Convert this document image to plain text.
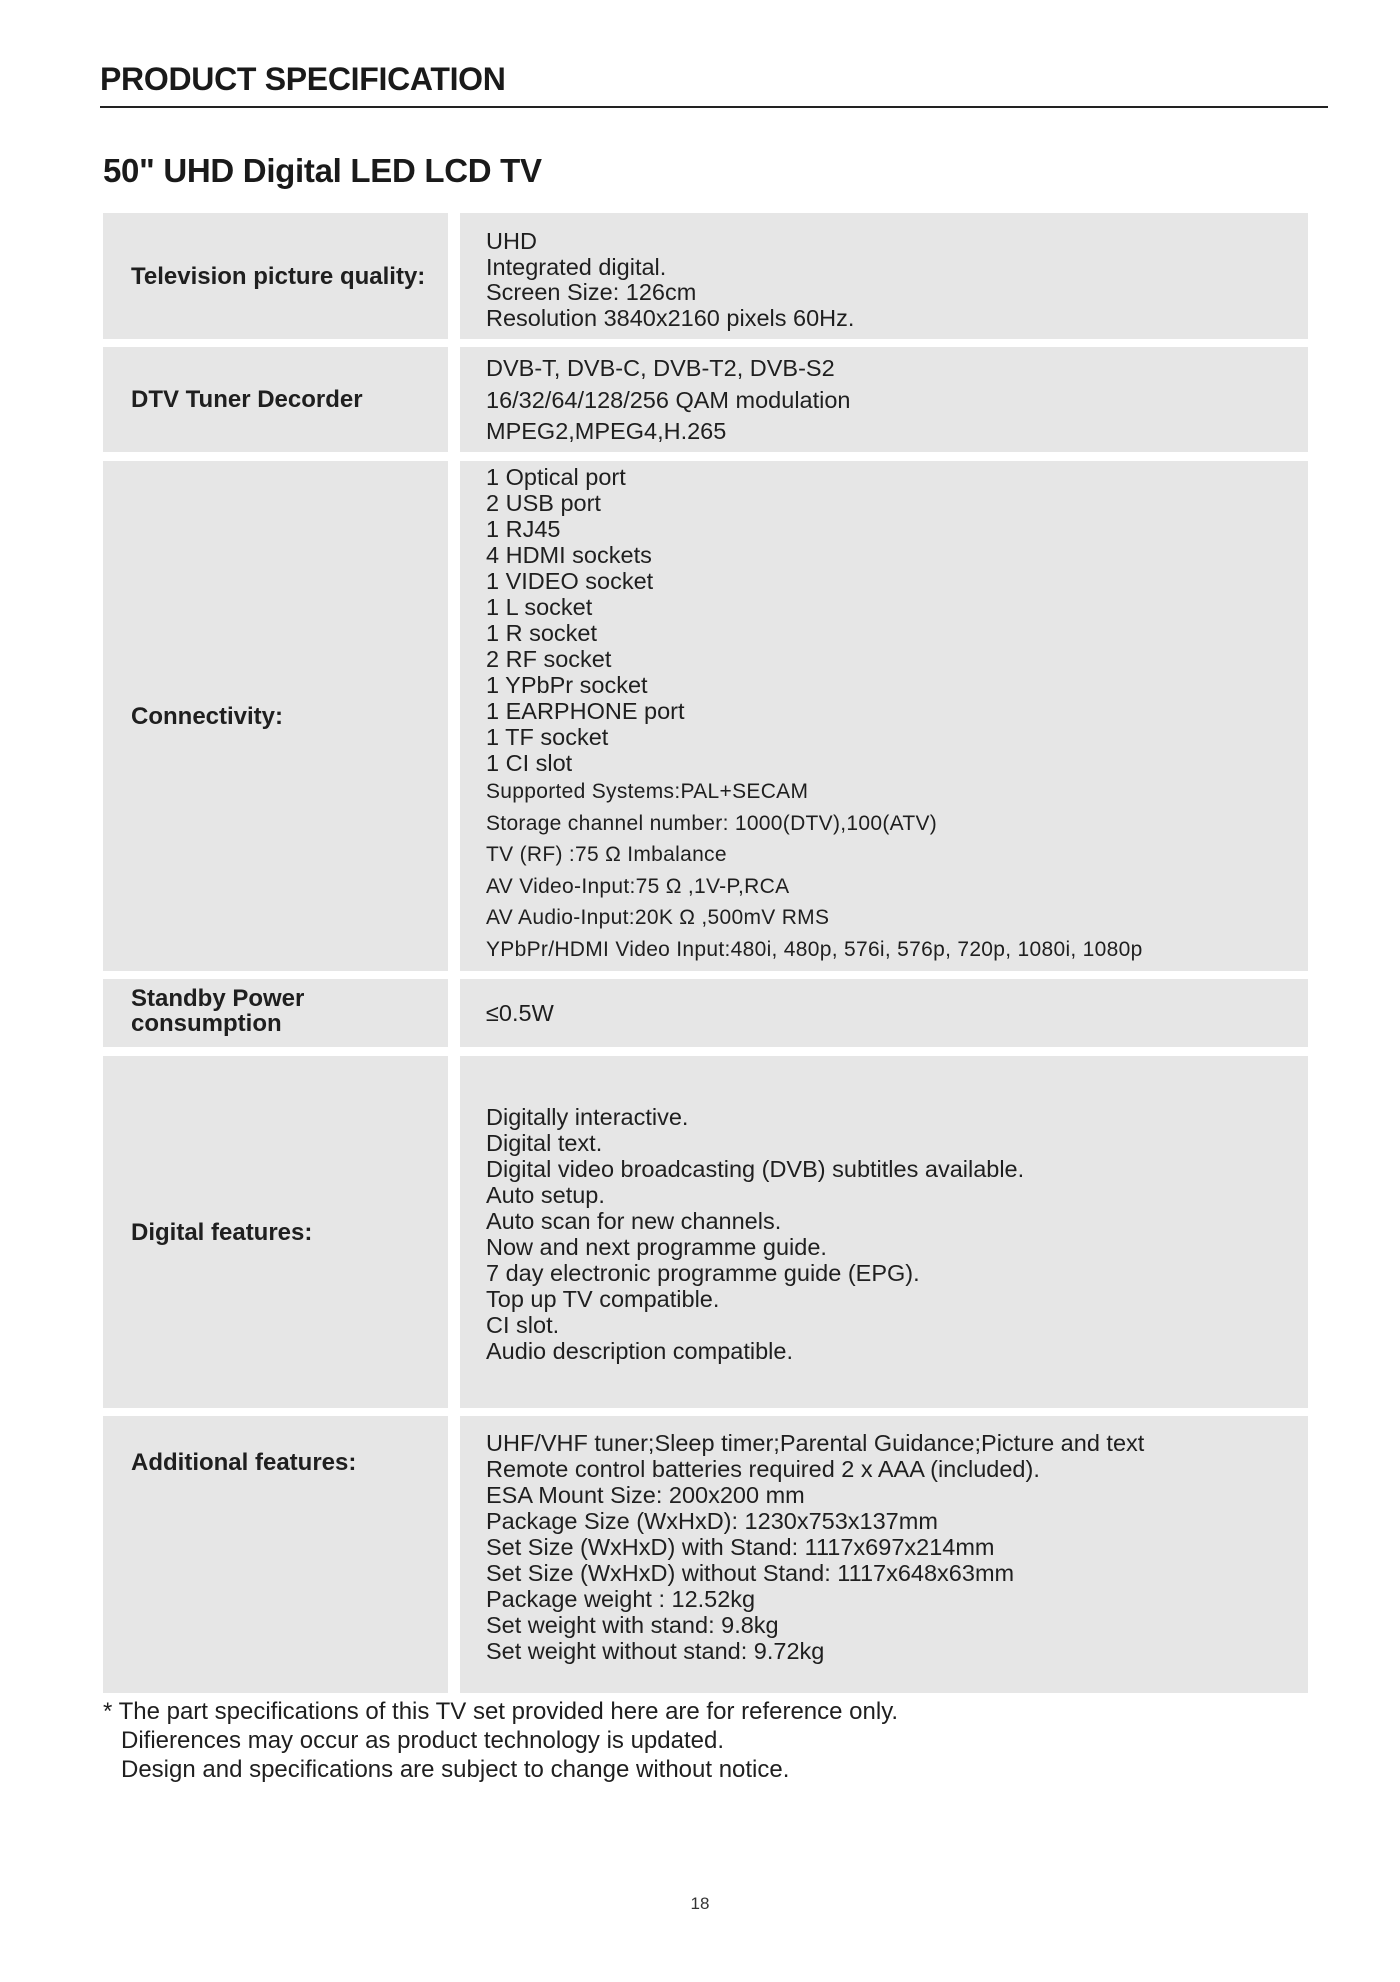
PRODUCT SPECIFICATION
50" UHD Digital LED LCD TV
Television picture quality:
UHD
Integrated digital.
Screen Size: 126cm
Resolution 3840x2160 pixels 60Hz.
DTV Tuner Decorder
DVB-T, DVB-C, DVB-T2, DVB-S2
16/32/64/128/256 QAM modulation
MPEG2,MPEG4,H.265
Connectivity:
1 Optical port
2 USB port
1 RJ45
4 HDMI sockets
1 VIDEO socket
1 L socket
1 R socket
2 RF socket
1 YPbPr socket
1 EARPHONE port
1 TF socket
1 CI slot
Supported Systems:PAL+SECAM
Storage channel number: 1000(DTV),100(ATV)
TV (RF) :75 Ω Imbalance
AV Video-Input:75 Ω ,1V-P,RCA
AV Audio-Input:20K Ω ,500mV RMS
YPbPr/HDMI Video Input:480i, 480p, 576i, 576p, 720p, 1080i, 1080p
Standby Power
consumption	≤0.5W
Digital features:
Digitally interactive.
Digital text.
Digital video broadcasting (DVB) subtitles available.
Auto setup.
Auto scan for new channels.
Now and next programme guide.
7 day electronic programme guide (EPG).
Top up TV compatible.
CI slot.
Audio description compatible.
Additional features:
UHF/VHF tuner;Sleep timer;Parental Guidance;Picture and text
Remote control batteries required 2 x AAA (included).
ESA Mount Size: 200x200 mm
Package Size (WxHxD): 1230x753x137mm
Set Size (WxHxD) with Stand: 1117x697x214mm
Set Size (WxHxD) without Stand: 1117x648x63mm
Package weight : 12.52kg
Set weight with stand: 9.8kg
Set weight without stand: 9.72kg
* The part specifications of this TV set provided here are for reference only.
Difierences may occur as product technology is updated.
Design and specifications are subject to change without notice.
18
